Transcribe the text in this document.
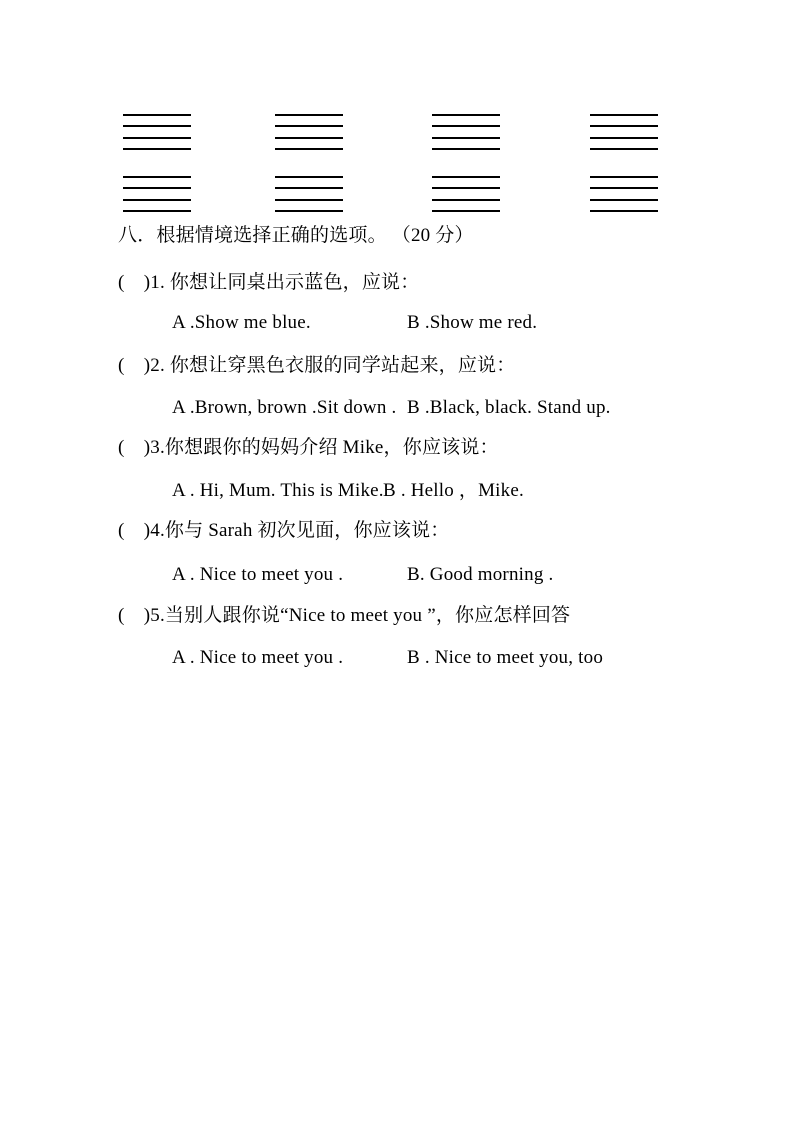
八．根据情境选择正确的选项。 （20 分）
(　)1. 你想让同桌出示蓝色，应说：

A .Show me blue.

	B .Show me red.

(　)2. 你想让穿黑色衣服的同学站起来，应说：

A .Brown, brown .Sit down .

B .Black, black. Stand up.

(　)3.你想跟你的妈妈介绍 Mike，你应该说：

A . Hi, Mum. This is Mike.

B . Hello ，Mike.

(　)4.你与 Sarah 初次见面，你应该说：

A . Nice to meet you .

	B. Good morning .

(　)5.当别人跟你说“Nice to meet you ”，你应怎样回答

A . Nice to meet you .

	B . Nice to meet you, too
